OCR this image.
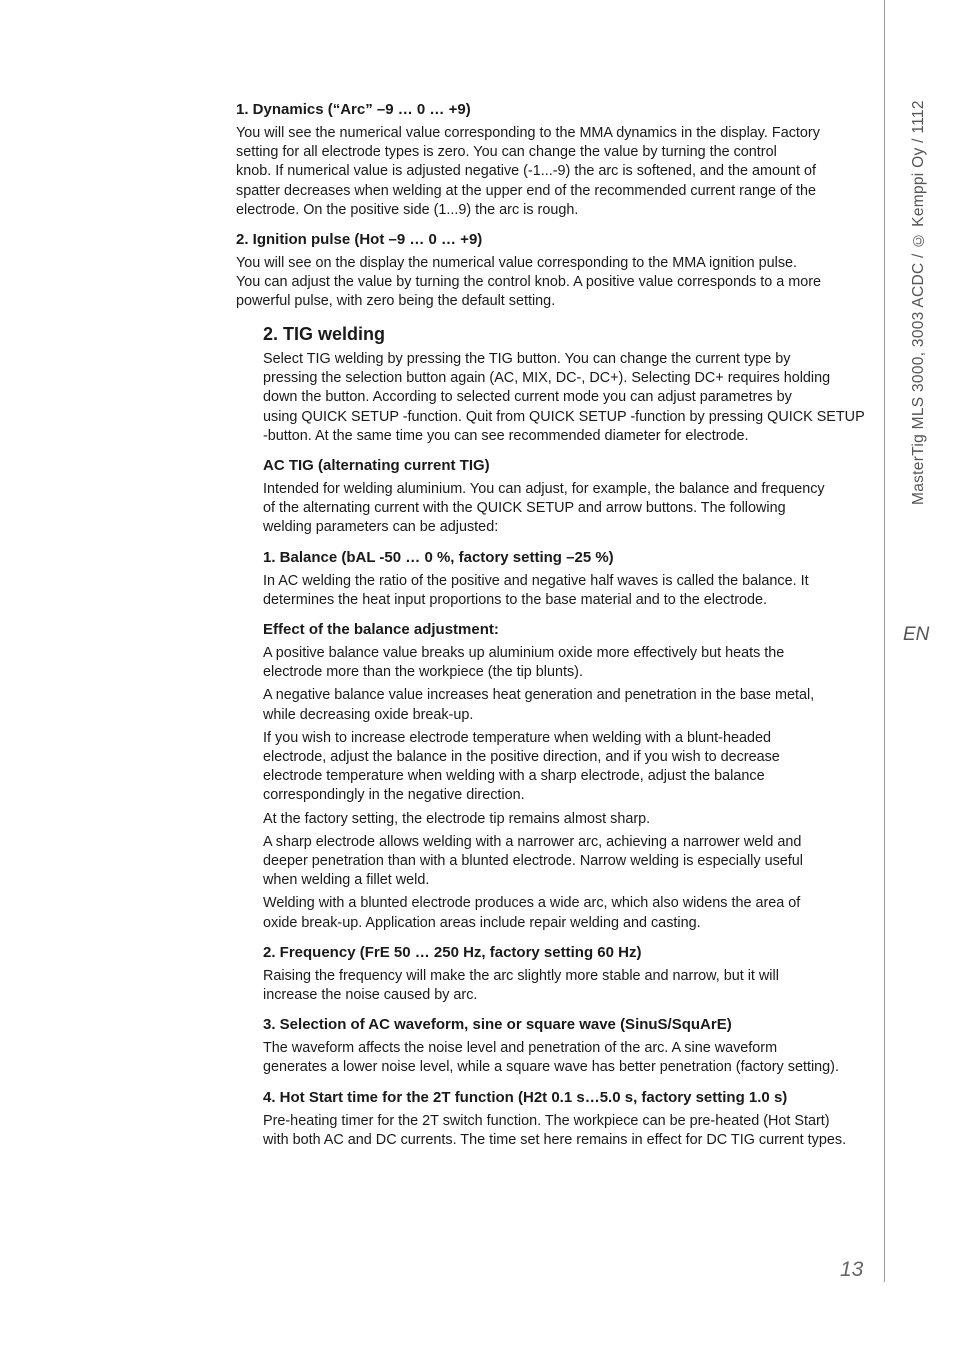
MasterTig MLS 3000, 3003 ACDC / © Kemppi Oy / 1112
EN
13
1. Dynamics (“Arc” –9 … 0 … +9)

You will see the numerical value corresponding to the MMA dynamics in the display. Factory
setting for all electrode types is zero. You can change the value by turning the control
knob. If numerical value is adjusted negative (-1...-9) the arc is softened, and the amount of
spatter decreases when welding at the upper end of the recommended current range of the
electrode. On the positive side (1...9) the arc is rough.

2. Ignition pulse (Hot –9 … 0 … +9)

You will see on the display the numerical value corresponding to the MMA ignition pulse.
You can adjust the value by turning the control knob. A positive value corresponds to a more
powerful pulse, with zero being the default setting.

2. TIG welding

Select TIG welding by pressing the TIG button. You can change the current type by
pressing the selection button again (AC, MIX, DC-, DC+). Selecting DC+ requires holding
down the button. According to selected current mode you can adjust parametres by
using QUICK SETUP -function. Quit from QUICK SETUP -function by pressing QUICK SETUP
-button. At the same time you can see recommended diameter for electrode.

AC TIG (alternating current TIG)

Intended for welding aluminium. You can adjust, for example, the balance and frequency
of the alternating current with the QUICK SETUP and arrow buttons. The following
welding parameters can be adjusted:

1. Balance (bAL -50 … 0 %, factory setting –25 %)

In AC welding the ratio of the positive and negative half waves is called the balance. It
determines the heat input proportions to the base material and to the electrode.

Effect of the balance adjustment:

A positive balance value breaks up aluminium oxide more effectively but heats the
electrode more than the workpiece (the tip blunts).

A negative balance value increases heat generation and penetration in the base metal,
while decreasing oxide break-up.

If you wish to increase electrode temperature when welding with a blunt-headed
electrode, adjust the balance in the positive direction, and if you wish to decrease
electrode temperature when welding with a sharp electrode, adjust the balance
correspondingly in the negative direction.

At the factory setting, the electrode tip remains almost sharp.

A sharp electrode allows welding with a narrower arc, achieving a narrower weld and
deeper penetration than with a blunted electrode. Narrow welding is especially useful
when welding a fillet weld.

Welding with a blunted electrode produces a wide arc, which also widens the area of
oxide break-up. Application areas include repair welding and casting.

2. Frequency (FrE 50 … 250 Hz, factory setting 60 Hz)

Raising the frequency will make the arc slightly more stable and narrow, but it will
increase the noise caused by arc.

3. Selection of AC waveform, sine or square wave (SinuS/SquArE)

The waveform affects the noise level and penetration of the arc. A sine waveform
generates a lower noise level, while a square wave has better penetration (factory setting).

4. Hot Start time for the 2T function (H2t 0.1 s…5.0 s, factory setting 1.0 s)

Pre-heating timer for the 2T switch function. The workpiece can be pre-heated (Hot Start)
with both AC and DC currents. The time set here remains in effect for DC TIG current types.
